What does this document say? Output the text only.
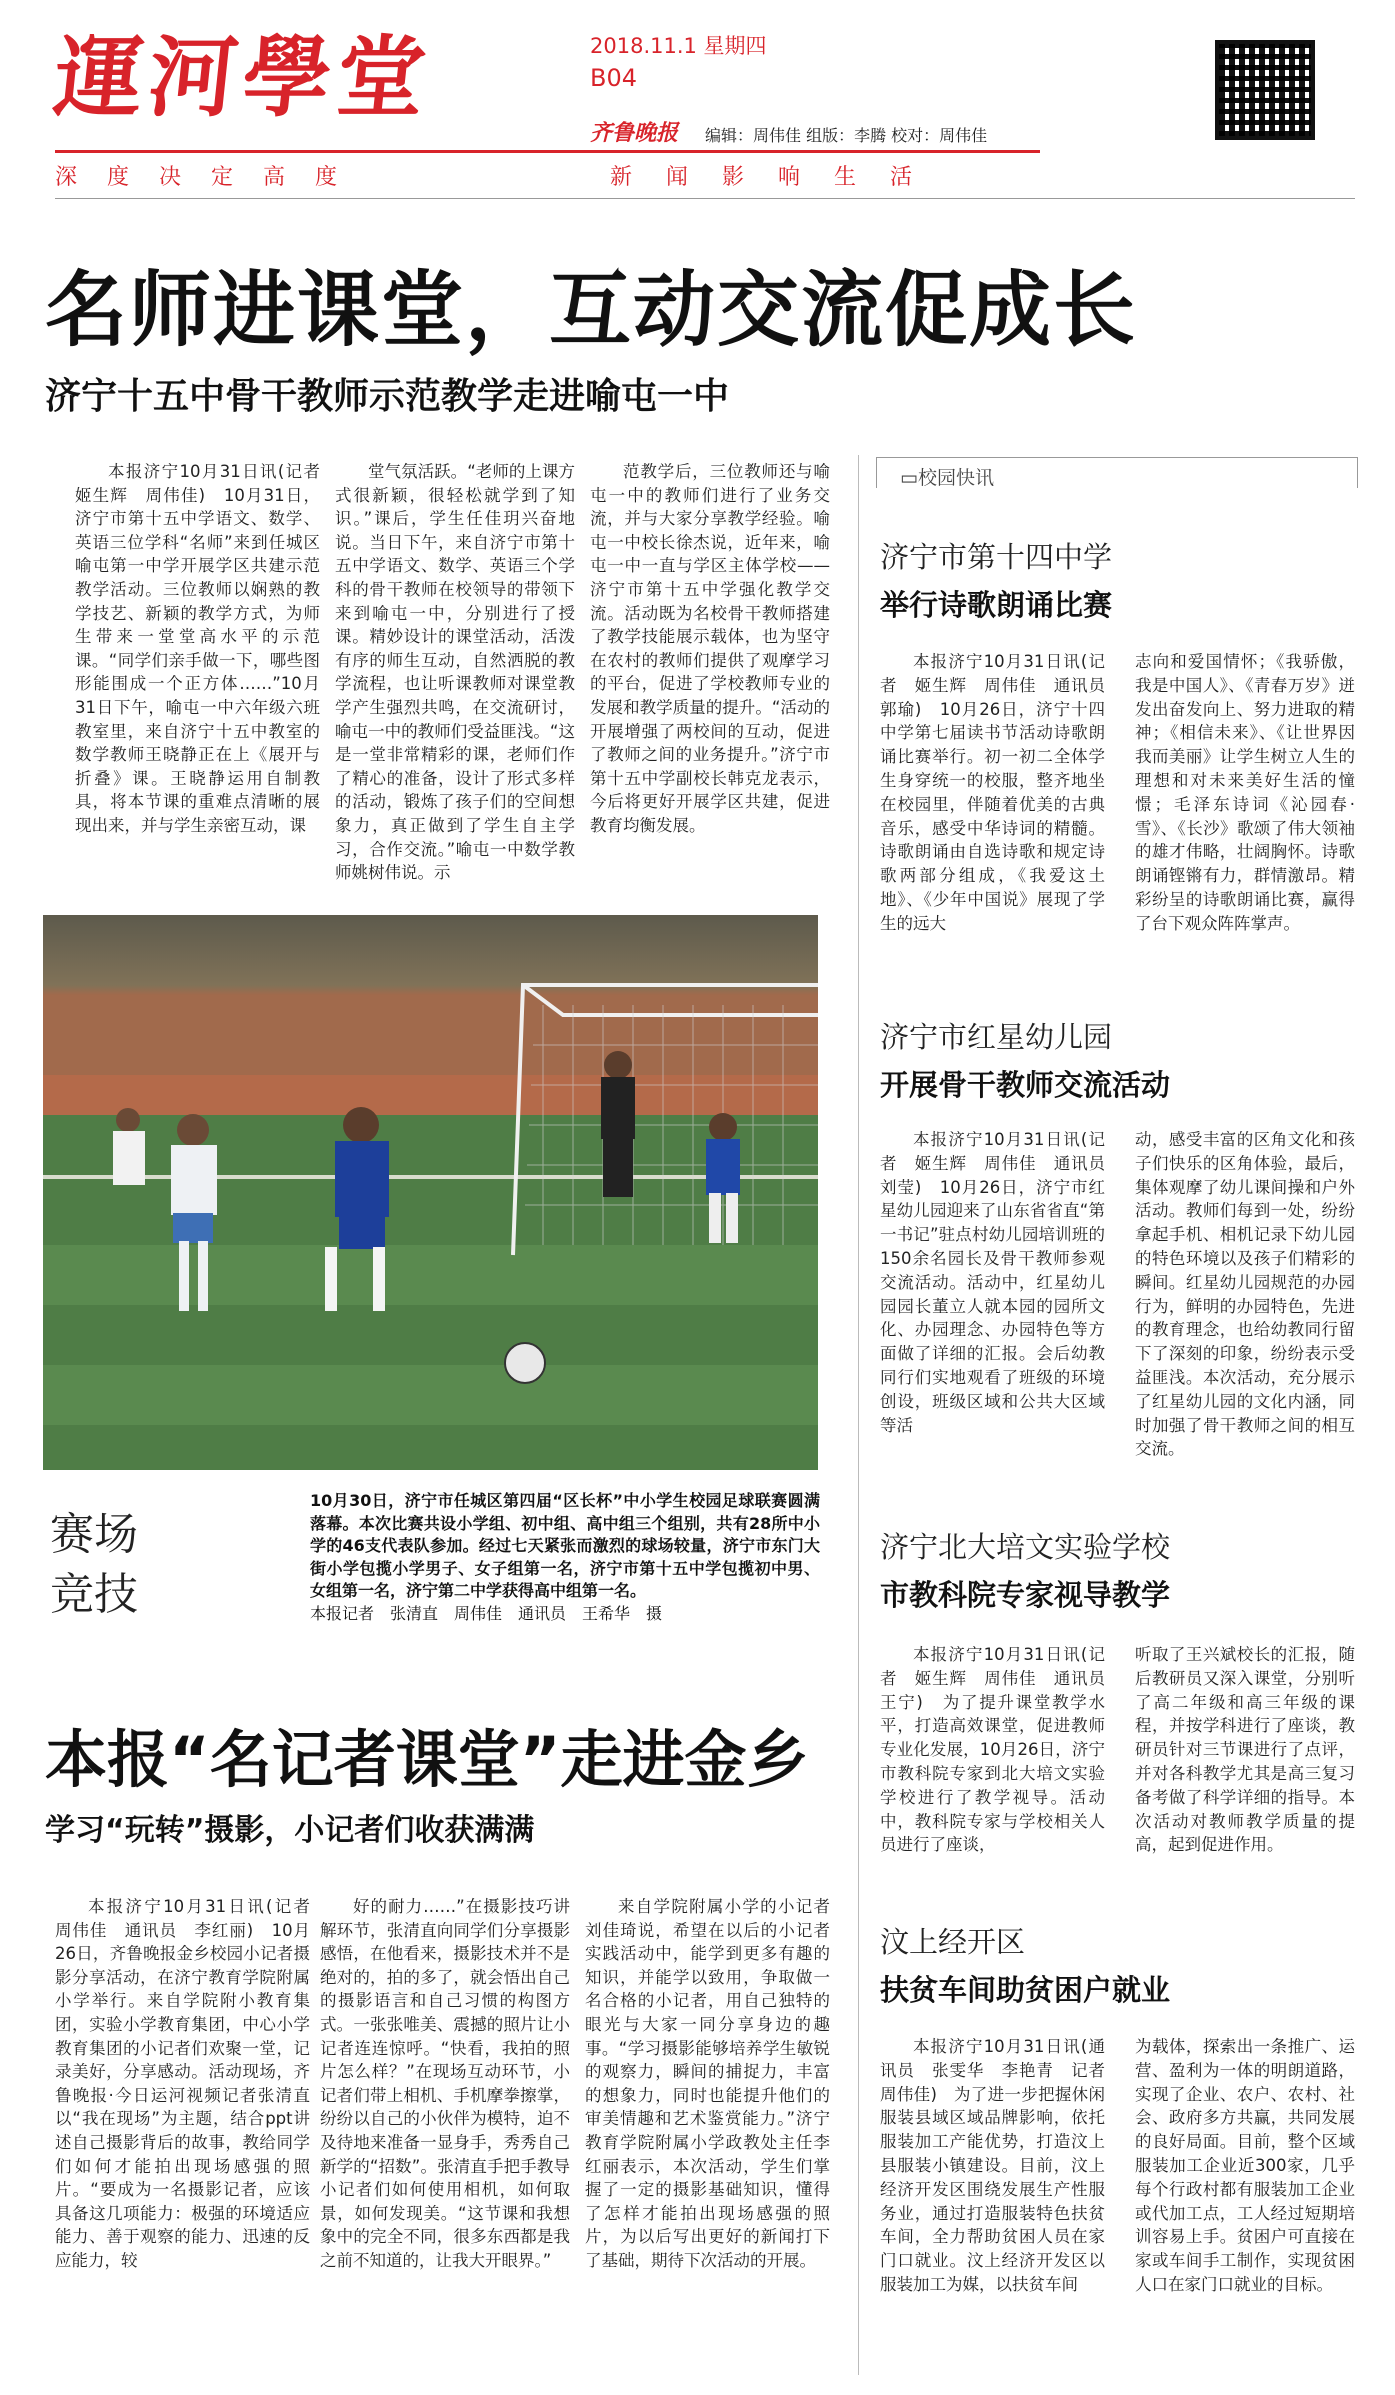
運河學堂	2018.11.1 星期四
B04
齐鲁晚报 编辑：周伟佳 组版：李腾 校对：周伟佳
深度决定高度	新闻影响生活
名师进课堂，互动交流促成长
济宁十五中骨干教师示范教学走进喻屯一中

本报济宁10月31日讯(记者　姬生辉　周伟佳)　10月31日，济宁市第十五中学语文、数学、英语三位学科“名师”来到任城区喻屯第一中学开展学区共建示范教学活动。三位教师以娴熟的教学技艺、新颖的教学方式，为师生带来一堂堂高水平的示范课。“同学们亲手做一下，哪些图形能围成一个正方体……”10月31日下午，喻屯一中六年级六班教室里，来自济宁十五中教室的数学教师王晓静正在上《展开与折叠》课。王晓静运用自制教具，将本节课的重难点清晰的展现出来，并与学生亲密互动，课

堂气氛活跃。“老师的上课方式很新颖，很轻松就学到了知识。”课后，学生任佳玥兴奋地说。当日下午，来自济宁市第十五中学语文、数学、英语三个学科的骨干教师在校领导的带领下来到喻屯一中，分别进行了授课。精妙设计的课堂活动，活泼有序的师生互动，自然洒脱的教学流程，也让听课教师对课堂教学产生强烈共鸣，在交流研讨，喻屯一中的教师们受益匪浅。“这是一堂非常精彩的课，老师们作了精心的准备，设计了形式多样的活动，锻炼了孩子们的空间想象力，真正做到了学生自主学习，合作交流。”喻屯一中数学教师姚树伟说。示

范教学后，三位教师还与喻屯一中的教师们进行了业务交流，并与大家分享教学经验。喻屯一中校长徐杰说，近年来，喻屯一中一直与学区主体学校——济宁市第十五中学强化教学交流。活动既为名校骨干教师搭建了教学技能展示载体，也为坚守在农村的教师们提供了观摩学习的平台，促进了学校教师专业的发展和教学质量的提升。“活动的开展增强了两校间的互动，促进了教师之间的业务提升。”济宁市第十五中学副校长韩克龙表示，今后将更好开展学区共建，促进教育均衡发展。

赛场竞技
10月30日，济宁市任城区第四届“区长杯”中小学生校园足球联赛圆满落幕。本次比赛共设小学组、初中组、高中组三个组别，共有28所中小学的46支代表队参加。经过七天紧张而激烈的球场较量，济宁市东门大街小学包揽小学男子、女子组第一名，济宁市第十五中学包揽初中男、女组第一名，济宁第二中学获得高中组第一名。
本报记者　张清直　周伟佳　通讯员　王希华　摄
本报“名记者课堂”走进金乡
学习“玩转”摄影，小记者们收获满满

本报济宁10月31日讯(记者　周伟佳　通讯员　李红丽)　10月26日，齐鲁晚报金乡校园小记者摄影分享活动，在济宁教育学院附属小学举行。来自学院附小教育集团，实验小学教育集团，中心小学教育集团的小记者们欢聚一堂，记录美好，分享感动。活动现场，齐鲁晚报·今日运河视频记者张清直以“我在现场”为主题，结合ppt讲述自己摄影背后的故事，教给同学们如何才能拍出现场感强的照片。“要成为一名摄影记者，应该具备这几项能力：极强的环境适应能力、善于观察的能力、迅速的反应能力，较

好的耐力……”在摄影技巧讲解环节，张清直向同学们分享摄影感悟，在他看来，摄影技术并不是绝对的，拍的多了，就会悟出自己的摄影语言和自己习惯的构图方式。一张张唯美、震撼的照片让小记者连连惊呼。“快看，我拍的照片怎么样？”在现场互动环节，小记者们带上相机、手机摩拳擦掌，纷纷以自己的小伙伴为模特，迫不及待地来准备一显身手，秀秀自己新学的“招数”。张清直手把手教导小记者们如何使用相机，如何取景，如何发现美。“这节课和我想象中的完全不同，很多东西都是我之前不知道的，让我大开眼界。”

来自学院附属小学的小记者刘佳琦说，希望在以后的小记者实践活动中，能学到更多有趣的知识，并能学以致用，争取做一名合格的小记者，用自己独特的眼光与大家一同分享身边的趣事。“学习摄影能够培养学生敏锐的观察力，瞬间的捕捉力，丰富的想象力，同时也能提升他们的审美情趣和艺术鉴赏能力。”济宁教育学院附属小学政教处主任李红丽表示，本次活动，学生们掌握了一定的摄影基础知识，懂得了怎样才能拍出现场感强的照片，为以后写出更好的新闻打下了基础，期待下次活动的开展。

▭校园快讯
济宁市第十四中学
举行诗歌朗诵比赛

本报济宁10月31日讯(记者　姬生辉　周伟佳　通讯员　郭瑜)　10月26日，济宁十四中学第七届读书节活动诗歌朗诵比赛举行。初一初二全体学生身穿统一的校服，整齐地坐在校园里，伴随着优美的古典音乐，感受中华诗词的精髓。诗歌朗诵由自选诗歌和规定诗歌两部分组成，《我爱这土地》、《少年中国说》展现了学生的远大

志向和爱国情怀；《我骄傲，我是中国人》、《青春万岁》迸发出奋发向上、努力进取的精神；《相信未来》、《让世界因我而美丽》让学生树立人生的理想和对未来美好生活的憧憬；毛泽东诗词《沁园春·雪》、《长沙》歌颂了伟大领袖的雄才伟略，壮阔胸怀。诗歌朗诵铿锵有力，群情激昂。精彩纷呈的诗歌朗诵比赛，赢得了台下观众阵阵掌声。

济宁市红星幼儿园
开展骨干教师交流活动

本报济宁10月31日讯(记者　姬生辉　周伟佳　通讯员　刘莹)　10月26日，济宁市红星幼儿园迎来了山东省省直“第一书记”驻点村幼儿园培训班的150余名园长及骨干教师参观交流活动。活动中，红星幼儿园园长董立人就本园的园所文化、办园理念、办园特色等方面做了详细的汇报。会后幼教同行们实地观看了班级的环境创设，班级区域和公共大区域等活

动，感受丰富的区角文化和孩子们快乐的区角体验，最后，集体观摩了幼儿课间操和户外活动。教师们每到一处，纷纷拿起手机、相机记录下幼儿园的特色环境以及孩子们精彩的瞬间。红星幼儿园规范的办园行为，鲜明的办园特色，先进的教育理念，也给幼教同行留下了深刻的印象，纷纷表示受益匪浅。本次活动，充分展示了红星幼儿园的文化内涵，同时加强了骨干教师之间的相互交流。

济宁北大培文实验学校
市教科院专家视导教学

本报济宁10月31日讯(记者　姬生辉　周伟佳　通讯员　王宁)　为了提升课堂教学水平，打造高效课堂，促进教师专业化发展，10月26日，济宁市教科院专家到北大培文实验学校进行了教学视导。活动中，教科院专家与学校相关人员进行了座谈，

听取了王兴斌校长的汇报，随后教研员又深入课堂，分别听了高二年级和高三年级的课程，并按学科进行了座谈，教研员针对三节课进行了点评，并对各科教学尤其是高三复习备考做了科学详细的指导。本次活动对教师教学质量的提高，起到促进作用。

汶上经开区
扶贫车间助贫困户就业

本报济宁10月31日讯(通讯员　张雯华　李艳青　记者　周伟佳)　为了进一步把握休闲服装县域区域品牌影响，依托服装加工产能优势，打造汶上县服装小镇建设。目前，汶上经济开发区围绕发展生产性服务业，通过打造服装特色扶贫车间，全力帮助贫困人员在家门口就业。汶上经济开发区以服装加工为媒，以扶贫车间

为载体，探索出一条推广、运营、盈利为一体的明朗道路，实现了企业、农户、农村、社会、政府多方共赢，共同发展的良好局面。目前，整个区域服装加工企业近300家，几乎每个行政村都有服装加工企业或代加工点，工人经过短期培训容易上手。贫困户可直接在家或车间手工制作，实现贫困人口在家门口就业的目标。
